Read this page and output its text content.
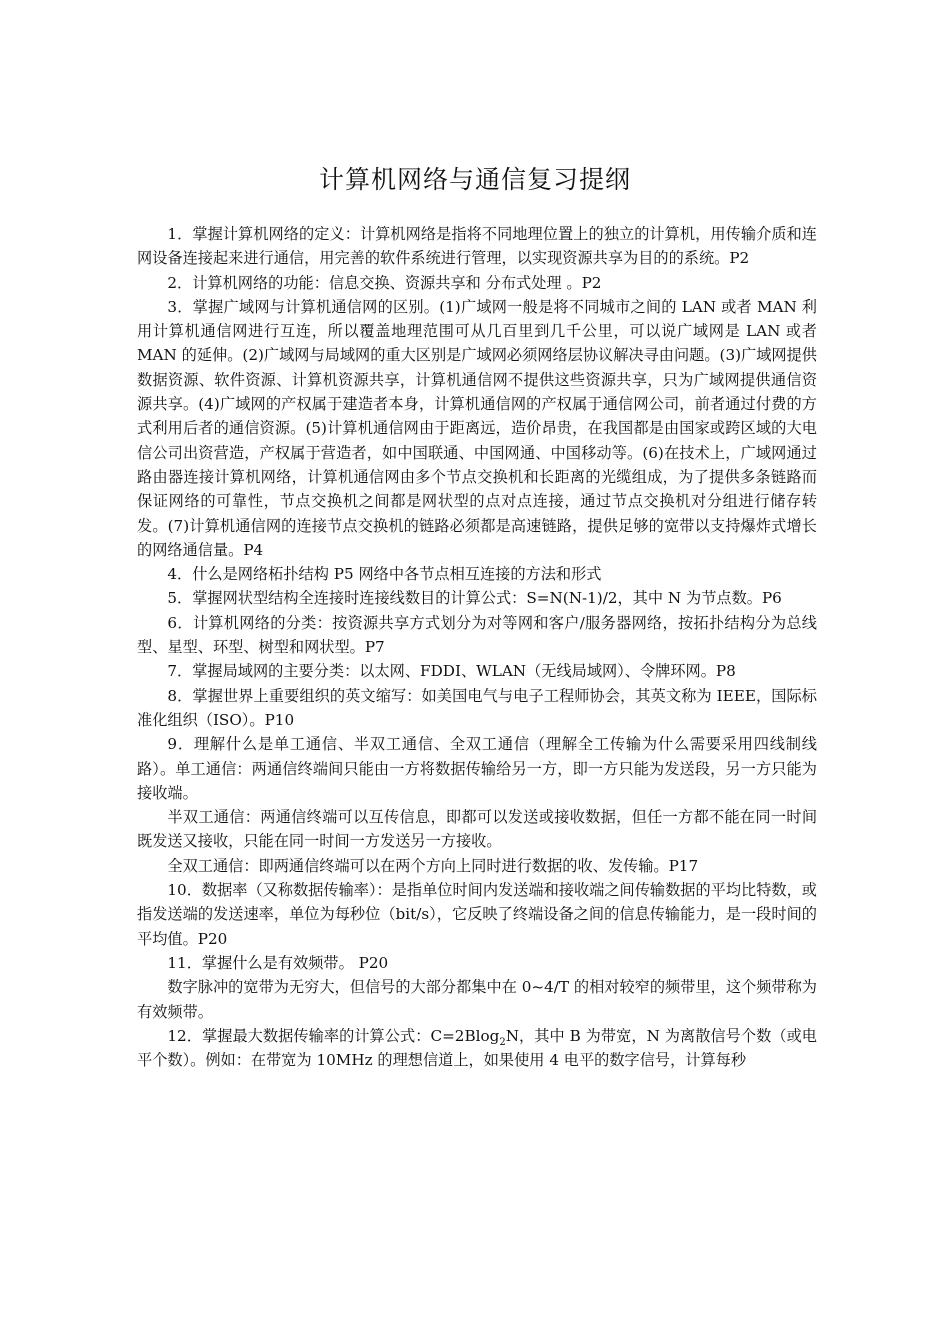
计算机网络与通信复习提纲

1．掌握计算机网络的定义：计算机网络是指将不同地理位置上的独立的计算机，用传输介质和连网设备连接起来进行通信，用完善的软件系统进行管理，以实现资源共享为目的的系统。P2

2．计算机网络的功能：信息交换、资源共享和 分布式处理 。P2

3．掌握广域网与计算机通信网的区别。(1)广域网一般是将不同城市之间的 LAN 或者 MAN 利用计算机通信网进行互连，所以覆盖地理范围可从几百里到几千公里，可以说广域网是 LAN 或者 MAN 的延伸。(2)广域网与局域网的重大区别是广域网必须网络层协议解决寻由问题。(3)广域网提供数据资源、软件资源、计算机资源共享，计算机通信网不提供这些资源共享，只为广域网提供通信资源共享。(4)广域网的产权属于建造者本身，计算机通信网的产权属于通信网公司，前者通过付费的方式利用后者的通信资源。(5)计算机通信网由于距离远，造价昂贵，在我国都是由国家或跨区域的大电信公司出资营造，产权属于营造者，如中国联通、中国网通、中国移动等。(6)在技术上，广域网通过路由器连接计算机网络，计算机通信网由多个节点交换机和长距离的光缆组成，为了提供多条链路而保证网络的可靠性，节点交换机之间都是网状型的点对点连接，通过节点交换机对分组进行储存转发。(7)计算机通信网的连接节点交换机的链路必须都是高速链路，提供足够的宽带以支持爆炸式增长的网络通信量。P4

4．什么是网络柘扑结构 P5 网络中各节点相互连接的方法和形式

5．掌握网状型结构全连接时连接线数目的计算公式：S=N(N-1)/2，其中 N 为节点数。P6

6．计算机网络的分类：按资源共享方式划分为对等网和客户/服务器网络，按拓扑结构分为总线型、星型、环型、树型和网状型。P7

7．掌握局域网的主要分类：以太网、FDDI、WLAN（无线局域网）、令牌环网。P8

8．掌握世界上重要组织的英文缩写：如美国电气与电子工程师协会，其英文称为 IEEE，国际标准化组织（ISO）。P10

9．理解什么是单工通信、半双工通信、全双工通信（理解全工传输为什么需要采用四线制线路）。单工通信：两通信终端间只能由一方将数据传输给另一方，即一方只能为发送段，另一方只能为接收端。

半双工通信：两通信终端可以互传信息，即都可以发送或接收数据，但任一方都不能在同一时间既发送又接收，只能在同一时间一方发送另一方接收。

全双工通信：即两通信终端可以在两个方向上同时进行数据的收、发传输。P17

10．数据率（又称数据传输率）：是指单位时间内发送端和接收端之间传输数据的平均比特数，或指发送端的发送速率，单位为每秒位（bit/s），它反映了终端设备之间的信息传输能力，是一段时间的平均值。P20

11．掌握什么是有效频带。 P20

数字脉冲的宽带为无穷大，但信号的大部分都集中在 0~4/T 的相对较窄的频带里，这个频带称为有效频带。

12．掌握最大数据传输率的计算公式：C=2Blog$_2$N，其中 B 为带宽，N 为离散信号个数（或电平个数）。例如：在带宽为 10MHz 的理想信道上，如果使用 4 电平的数字信号，计算每秒
